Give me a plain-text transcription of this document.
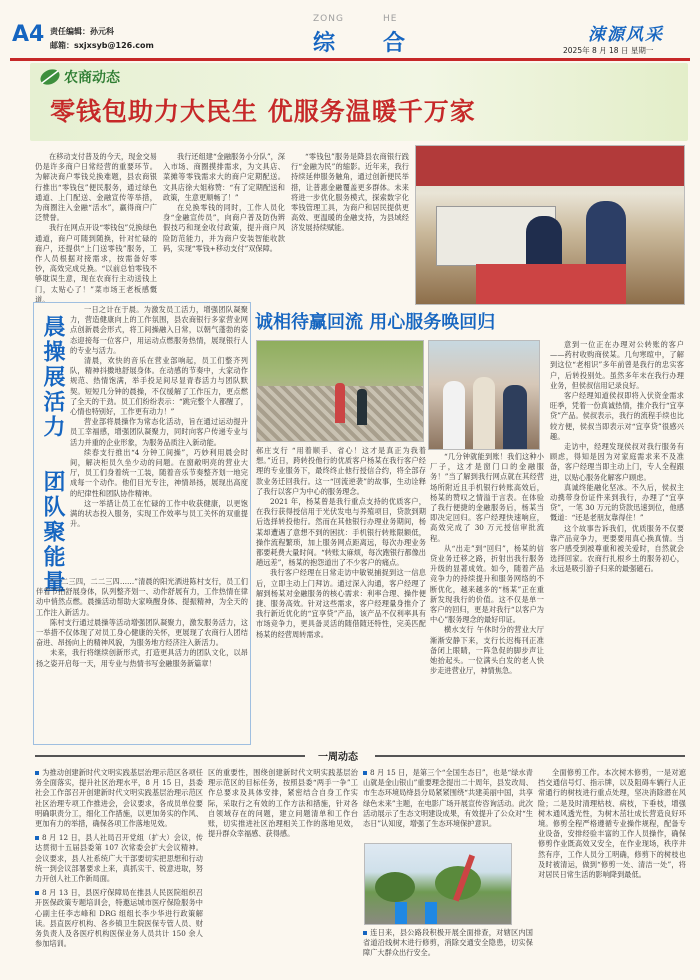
A4 责任编辑：孙元科
邮箱：sxjxsyb@126.com
ZONG	HE
综 合	涑源风采
2025年 8 月 18 日 星期一
农商动态
零钱包助力大民生 优服务温暖千万家

在移动支付普及的今天，现金交易仍是许多商户日常经营的重要环节。为解决商户零钱兑换难题，县农商银行推出“零钱包”便民服务，通过绿色通道、上门配送、金融宣传等举措，为商圈注入金融“活水”，赢得商户广泛赞誉。

我行在网点开设“零钱包”兑换绿色通道，商户可随到随换，针对忙碌的商户，还提供“上门送零钱”服务，工作人员根据对接需求，按需备好零钞，高效完成兑换。“以前总怕零钱不够耽误生意，现在农商行主动送钱上门，太贴心了！”菜市场王老板感慨道。

我行还组建“金融服务小分队”，深入市场、商圈摸排需求，为文具店、菜摊等零钱需求大的商户定期配送。文具店徐大姐称赞：“有了定期配送和政策，生意更顺畅了！”

在兑换零钱的同时，工作人员化身“金融宣传员”，向商户普及防伪辨假技巧和现金收付政策，提升商户风险防范能力，并为商户安装智能收款码，实现“零钱+移动支付”双保障。

“零钱包”服务是降县农商银行践行“金融为民”的缩影。近年来，我行持续延伸服务触角，通过创新便民举措，让普惠金融覆盖更多群体。未来将进一步优化服务模式，探索数字化零钱管理工具，为商户和居民提供更高效、更温暖的金融支持，为县域经济发展持续赋能。

晨操展活力
团队聚能量

一日之计在于晨。为激发员工活力，增强团队凝聚力，营造健康向上的工作氛围，县农商银行多家营业网点创新晨会形式，将工间操融入日常，以朝气蓬勃的姿态迎接每一位客户，用运动点燃服务热情，展现银行人的专业与活力。

清晨，欢快的音乐在营业部响起，员工们整齐列队，精神抖擞地舒展身体。在动感的节奏中，大家动作规范、热情饱满，举手投足间尽显青春活力与团队默契。短短几分钟的晨操，不仅缓解了工作压力，更点燃了全天的干劲。员工们纷纷表示：“跳完整个人都醒了，心情也特别好，工作更有动力！”

营业部将晨操作为常态化活动，旨在通过运动提升员工幸福感，增强团队凝聚力，同时向客户传递专业与活力并重的企业形象，为服务品质注入新动能。

续春支行推出“4 分钟工间操”，巧妙利用晨会时间，解决柜员久坐少动的问题。在窗敞明亮的营业大厅，员工们身着统一工装，随着音乐节奏整齐划一地完成每一个动作。他们目光专注，神情昂扬，展现出高度的纪律性和团队协作精神。

这一举措让员工在忙碌的工作中收获健康，以更饱满的状态投入服务，实现工作效率与员工关怀的双重提升。

“一二三四，二二三四……”清晨的阳光洒进陈村支行，员工们伴着节拍舒展身体，队列整齐划一、动作舒展有力，工作热情在律动中悄然点燃。晨操活动帮助大家唤醒身体、提振精神，为全天的工作注入新活力。

陈村支行通过晨操等活动增强团队凝聚力，激发服务活力，这一举措不仅体现了对员工身心健康的关怀，更展现了农商行人团结奋进、昂扬向上的精神风貌，为服务地方经济注入新活力。

未来，我行将继续创新形式，打造更具活力的团队文化，以昂扬之姿开启每一天，用专业与热情书写金融服务新篇章！

诚相待赢回流 用心服务唤回归

郝庄支行 “用着顺手、省心！这才是真正为我着想。”近日，跨转投他行的优质客户杨某在我行客户经理的专业服务下，最终终止他行授信合约，将全部存款业务迁回我行。这一“回流逆袭”的故事，生动诠释了我行以客户为中心的服务理念。

2021 年，杨某曾是我行重点支持的优质客户，在我行获得授信用于光伏发电与养殖项目，贷款到期后选择转投他行。然而在其他银行办理业务期间，杨某却遭遇了意想不到的困扰：手机银行转账限额低，操作流程繁琐，加上服务网点距离远，每次办理业务都要耗费大量时间。“转账太麻烦，每次跑银行都像出趟远差”，杨某的抱怨道出了不少客户的痛点。

我行客户经理在日常走访中敏锐捕捉到这一信息后，立即主动上门拜访。通过深入沟通，客户经理了解到杨某对金融服务的核心需求：利率合理、操作便捷、服务高效。针对这些需求，客户经理量身推介了我行新近优化的“宜享贷”产品，该产品不仅利率具有市场竞争力，更具备灵活的随借随还特性，完美匹配杨某的经营周转需求。

“几分钟就能到账！我们这种小厂子，这才是窗门口的金融服务！”当了解到我行网点就在其经营场所附近且手机银行转账高效后，杨某的赞叹之情溢于言表。在体验了我行便捷的金融服务后，杨某当即决定回归。客户经理快速响应，高效完成了 30 万元授信审批流程。

从“出走”到“回归”，杨某的信贷业务迁移之路，折射出我行服务升级的显著成效。如今，随着产品竞争力的持续提升和服务网络的不断优化，越来越多的“杨某”正在重新发现我行的价值。这不仅是单一客户的回归，更是对我行“以客户为中心”服务理念的最好印证。

横水支行 午休时分的营业大厅渐渐安静下来，支行长迟梅刊正准备闭上眼睛，一阵急促的脚步声让她抬起头。一位满头白发的老人快步走进营业厅，神情焦急。

意到一位正在办理对公转账的客户——药村收购商侯某。几句寒暄中，了解到这位“老相识”多年前曾是我行的忠实客户，后转投别处。虽然多年未在我行办理业务，但侯叔信用记录良好。

客户经理知道侯叔即将入伏资金需求旺季，凭着一份真诚热情，推介我行“宜享贷”产品。侯叔表示，我行的流程手续也比较方便，侯叔当即表示对“宜享贷”很感兴趣。

走访中，经理发现侯叔对我行服务有顾虑，得知是因为对家庭需求来不及准备，客户经理当即主动上门，专人全程跟进，以贴心服务化解客户顾虑。

真诚终能融化坚冰。不久后，侯叔主动携带身份证件来到我行，办理了“宜享贷”，一笔 30 万元的贷款迅速到位，他感慨道：“还是老朋友靠得住！”

这个故事告诉我们，优质服务不仅要靠产品竞争力，更要要用真心换真情。当客户感受到被尊重和被关爱时，自然就会选择回家。农商行扎根乡土的服务初心，永远是吸引游子归来的最强磁石。

一周动态

为推动创建新时代文明实践基层治理示范区各项任务全面落实，提升社区治理水平，8 月 15 日，县委社会工作部召开创建新时代文明实践基层治理示范区社区治理专项工作推进会，会议要求，各成员单位要明确职责分工，细化工作措施，以更加务实的作风、更加有力的举措，确保各项工作落地见效。

8 月 12 日，县人社局召开党组（扩大）会议，传达贯彻十五届县委第 107 次常委会扩大会议精神。会议要求，县人社系统广大干部要切实把思想和行动统一到会议部署要求上来，真抓实干、锐意进取，努力开创人社工作新局面。

8 月 13 日，县医疗保障局在推县人民医院组织召开医保政策专题培训会，特邀运城市医疗保险服务中心副主任李志峰和 DRG 组组长李少华进行政策解读。县直医疗机构、各乡镇卫生院医保专管人员、财务负责人及各医疗机构医保业务人员共计 150 余人参加培训。

区的重要性，围绕创建新时代文明实践基层治理示范区的目标任务，按照县委“两手一争”工作总要求及具体安排，紧密结合自身工作实际，采取行之有效的工作方法和措施，针对各自领域存在的问题，建立问题清单和工作台账，切实推进社区治理相关工作的落地见效，提升群众幸福感、获得感。

8 月 15 日，是第三个“全国生态日”，也是“绿水青山就是金山银山”重要理念提出二十周年，县发改局、市生态环境局绛县分局紧紧围绕“共建美丽中国，共享绿色未来”主题，在电影广场开展宣传咨询活动。此次活动展示了生态文明建设成果，有效提升了公众对“生态日”认知度，增强了生态环境保护意识。

连日来，县公路段积极开展全面排查，对辖区内国省道沿线树木进行修剪，消除交通安全隐患，切实保障广大群众出行安全。

全面修剪工作。本次树木修剪，一是对遮挡交通信号灯、指示牌，以及阻碍车辆行人正常通行的树枝进行重点处理，坚决消除潜在风险；二是及时清理枯枝、病枝，下垂枝，增强树木通风透光性，为树木茁壮成长营造良好环境。修剪全程严格遵循专业操作规程，配备专业设备，安排经验丰富的工作人员操作，确保修剪作业既高效又安全，在作业现场，秩序井然有序，工作人员分工明确，修剪下的树枝也及时被清运，做到“修剪一处、清洁一处”，将对居民日常生活的影响降到最低。
